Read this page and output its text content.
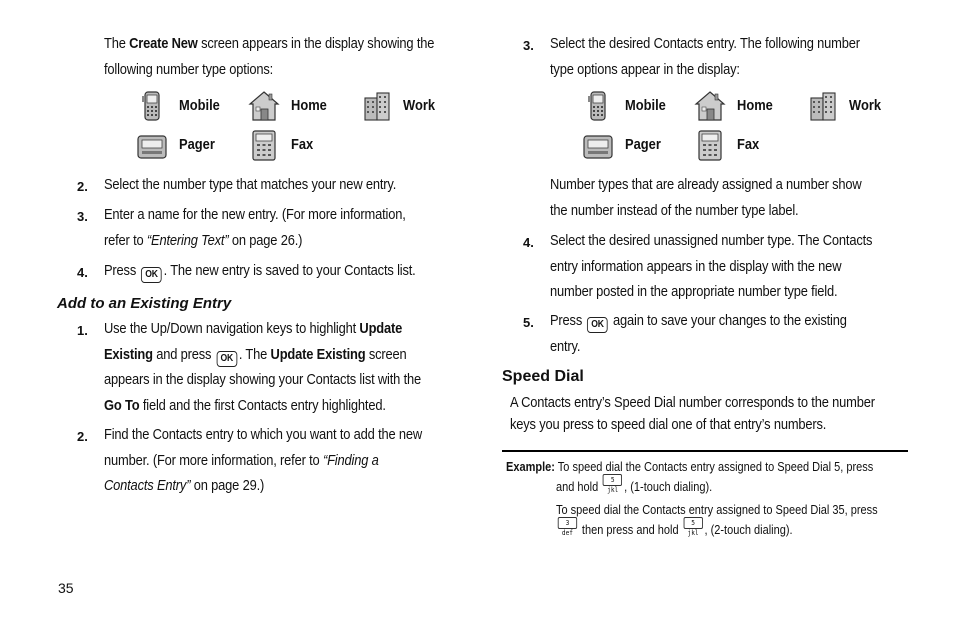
The Create New screen appears in the display showing the
following number type options:
Mobile	Home	Work
Pager	Fax
2. Select the number type that matches your new entry.
3. Enter a name for the new entry. (For more information,
refer to “Entering Text” on page 26.)
4. Press OK . The new entry is saved to your Contacts list.
Add to an Existing Entry
1. Use the Up/Down navigation keys to highlight Update
Existing and press OK . The Update Existing screen
appears in the display showing your Contacts list with the
Go To field and the first Contacts entry highlighted.
2. Find the Contacts entry to which you want to add the new
number. (For more information, refer to “Finding a
Contacts Entry” on page 29.)
3. Select the desired Contacts entry. The following number
type options appear in the display:
Mobile	Home	Work
Pager	Fax
Number types that are already assigned a number show
the number instead of the number type label.
4. Select the desired unassigned number type. The Contacts
entry information appears in the display with the new
number posted in the appropriate number type field.
5. Press OK again to save your changes to the existing
entry.
Speed Dial
A Contacts entry’s Speed Dial number corresponds to the number
keys you press to speed dial one of that entry’s numbers.
Example: To speed dial the Contacts entry assigned to Speed Dial 5, press
and hold 5 jkl , (1-touch dialing).
To speed dial the Contacts entry assigned to Speed Dial 35, press
3 def then press and hold 5 jkl , (2-touch dialing).
35
